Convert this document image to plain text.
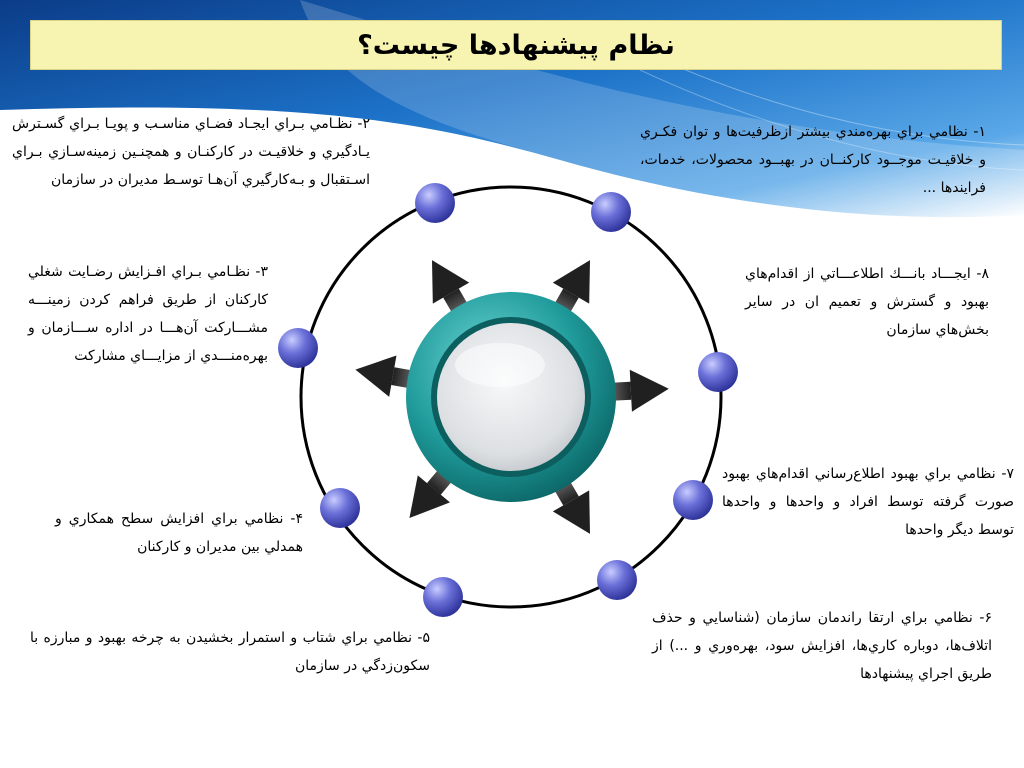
نظام پيشنهادها چيست؟
۱- نظامي براي بهره‌مندي بيشتر ازظرفيت‌ها و توان فكـري و خلاقيـت موجــود كاركنــان در بهبــود محصولات، خدمات، فرايندها ...
۲- نظـامي بـراي ايجـاد فضـاي مناسـب و پويـا بـراي گسـترش يـادگيري و خلاقيـت در كاركنـان و همچنـين زمينه‌سـازي بـراي اسـتقبال و بـه‌كارگيري آن‌هـا توسـط مديران در سازمان
۳- نظـامي بـراي افـزايش رضـايت شغلي كاركنان از طريق فراهم كردن زمينـــه مشـــاركت آن‌هـــا در اداره ســـازمان و بهره‌منـــدي از مزايـــاي مشاركت
۴- نظامي براي افزايش سطح همكاري و همدلي بين مديران و كاركنان
۵- نظامي براي شتاب و استمرار بخشيدن به چرخه بهبود و مبارزه با سكون‌زدگي در سازمان
۶- نظامي براي ارتقا راندمان سازمان (شناسايي و حذف اتلاف‌ها، دوباره كاري‌ها، افزايش سود، بهره‌وري و ...) از طريق اجراي پيشنهادها
۷- نظامي براي بهبود اطلاع‌رساني اقدام‌هاي بهبود صورت گرفته توسط افراد و واحدها و واحدها توسط ديگر واحدها
۸- ايجـــاد بانـــك اطلاعـــاتي از اقدام‌هاي بهبود و گسترش و تعميم ان در ساير بخش‌هاي سازمان
